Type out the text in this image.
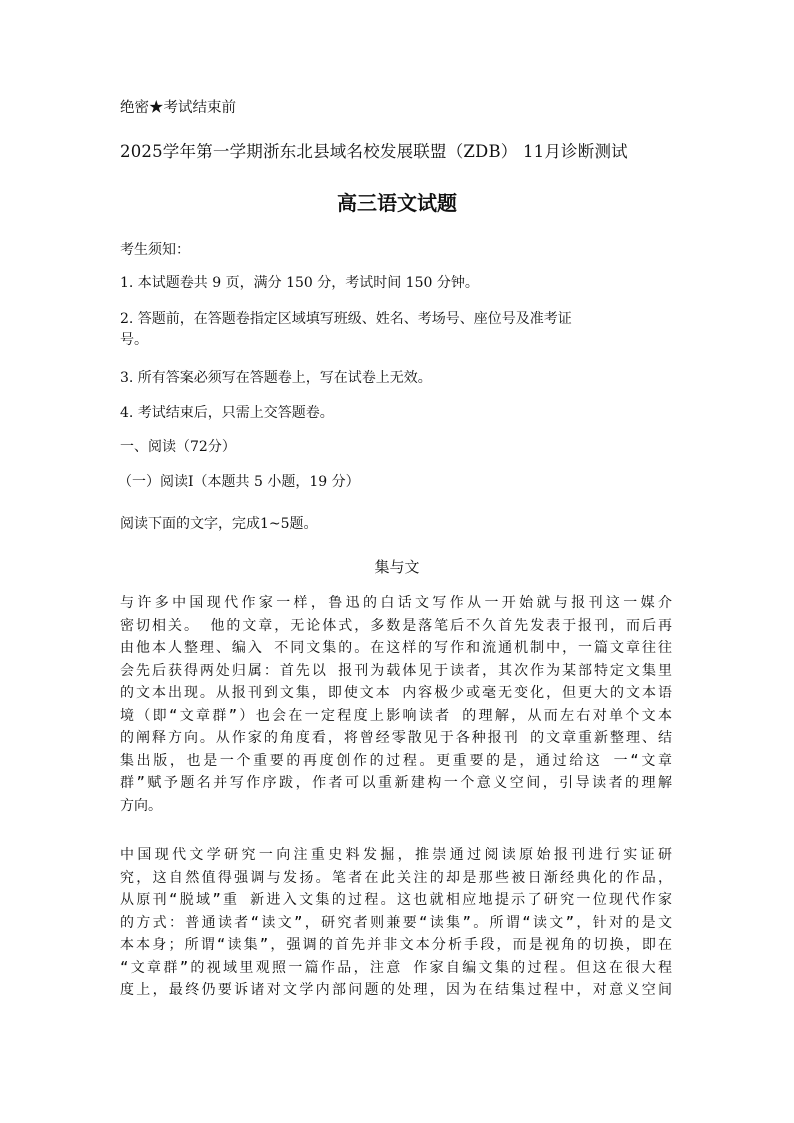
绝密★考试结束前
2025学年第一学期浙东北县域名校发展联盟（ZDB） 11月诊断测试
高三语文试题
考生须知：
1. 本试题卷共 9 页，满分 150 分，考试时间 150 分钟。
2. 答题前，在答题卷指定区域填写班级、姓名、考场号、座位号及准考证
号。
3. 所有答案必须写在答题卷上，写在试卷上无效。
4. 考试结束后，只需上交答题卷。
一、阅读（72分）
（一）阅读Ⅰ（本题共 5 小题，19 分）
阅读下面的文字，完成1~5题。
集与文
与许多中国现代作家一样，鲁迅的白话文写作从一开始就与报刊这一媒介
密切相关。 他的文章，无论体式，多数是落笔后不久首先发表于报刊，而后再
由他本人整理、编入 不同文集的。在这样的写作和流通机制中，一篇文章往往
会先后获得两处归属：首先以 报刊为载体见于读者，其次作为某部特定文集里
的文本出现。从报刊到文集，即使文本 内容极少或毫无变化，但更大的文本语
境（即“文章群”）也会在一定程度上影响读者 的理解，从而左右对单个文本
的阐释方向。从作家的角度看，将曾经零散见于各种报刊 的文章重新整理、结
集出版，也是一个重要的再度创作的过程。更重要的是，通过给这 一“文章
群”赋予题名并写作序跋，作者可以重新建构一个意义空间，引导读者的理解
方向。
中国现代文学研究一向注重史料发掘，推崇通过阅读原始报刊进行实证研
究，这自然值得强调与发扬。笔者在此关注的却是那些被日渐经典化的作品，
从原刊“脱域”重 新进入文集的过程。这也就相应地提示了研究一位现代作家
的方式：普通读者“读文”，研究者则兼要“读集”。所谓“读文”，针对的是文
本本身；所谓“读集”，强调的首先并非文本分析手段，而是视角的切换，即在
“文章群”的视域里观照一篇作品，注意 作家自编文集的过程。但这在很大程
度上，最终仍要诉诸对文学内部问题的处理，因为在结集过程中，对意义空间
